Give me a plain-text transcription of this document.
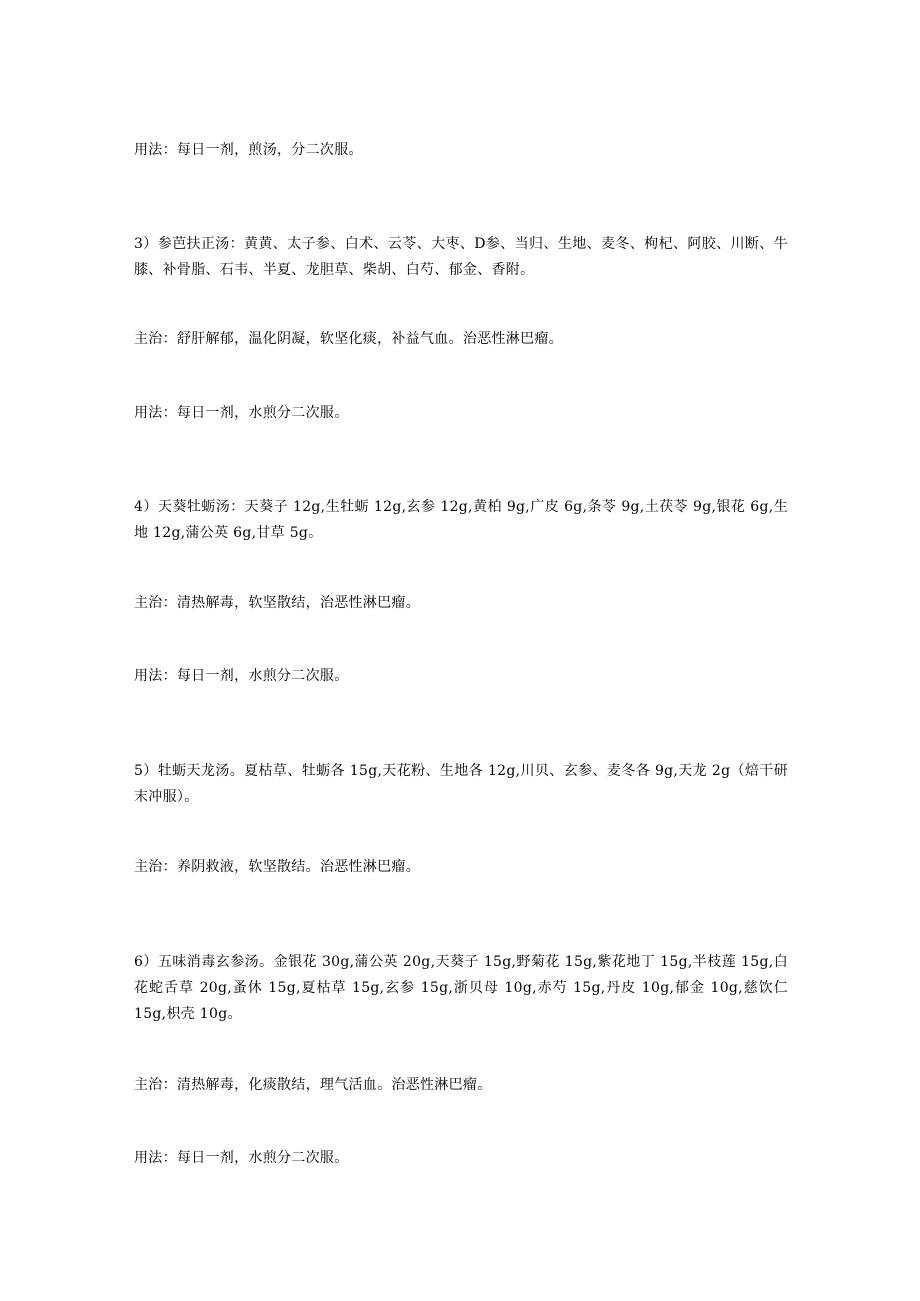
用法：每日一剂，煎汤，分二次服。

3）参芭扶正汤：黄黄、太子参、白术、云苓、大枣、D参、当归、生地、麦冬、枸杞、阿胶、川断、牛膝、补骨脂、石韦、半夏、龙胆草、柴胡、白芍、郁金、香附。

主治：舒肝解郁，温化阴凝，软坚化痰，补益气血。治恶性淋巴瘤。

用法：每日一剂，水煎分二次服。

4）天葵牡蛎汤：天葵子 12g,生牡蛎 12g,玄参 12g,黄柏 9g,广皮 6g,条苓 9g,土茯苓 9g,银花 6g,生地 12g,蒲公英 6g,甘草 5g。

主治：清热解毒，软坚散结，治恶性淋巴瘤。

用法：每日一剂，水煎分二次服。

5）牡蛎天龙汤。夏枯草、牡蛎各 15g,天花粉、生地各 12g,川贝、玄参、麦冬各 9g,天龙 2g（焙干研末冲服）。

主治：养阴救液，软坚散结。治恶性淋巴瘤。

6）五味消毒玄参汤。金银花 30g,蒲公英 20g,天葵子 15g,野菊花 15g,紫花地丁 15g,半枝莲 15g,白花蛇舌草 20g,蚤休 15g,夏枯草 15g,玄参 15g,浙贝母 10g,赤芍 15g,丹皮 10g,郁金 10g,慈饮仁 15g,枳壳 10g。

主治：清热解毒，化痰散结，理气活血。治恶性淋巴瘤。

用法：每日一剂，水煎分二次服。
